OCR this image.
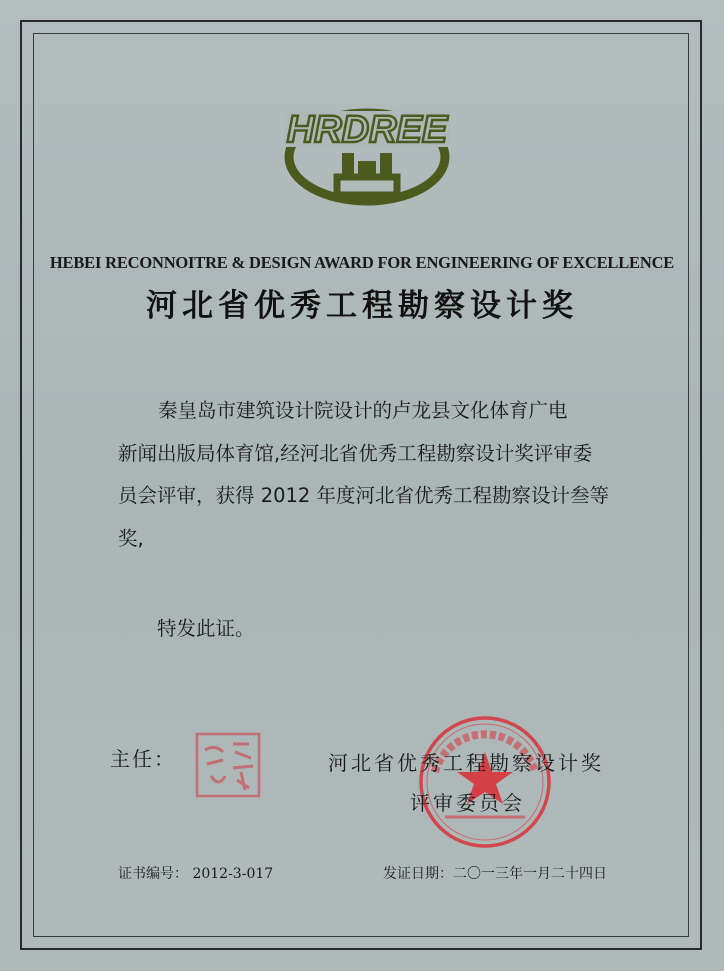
HRDREE
HEBEI RECONNOITRE & DESIGN AWARD FOR ENGINEERING OF EXCELLENCE
河北省优秀工程勘察设计奖
秦皇岛市建筑设计院设计的卢龙县文化体育广电
新闻出版局体育馆,经河北省优秀工程勘察设计奖评审委
员会评审，获得 2012 年度河北省优秀工程勘察设计叁等
奖,
特发此证。
主任：	河北省优秀工程勘察设计奖
评审委员会
证书编号： 2012-3-017	发证日期：二〇一三年一月二十四日
